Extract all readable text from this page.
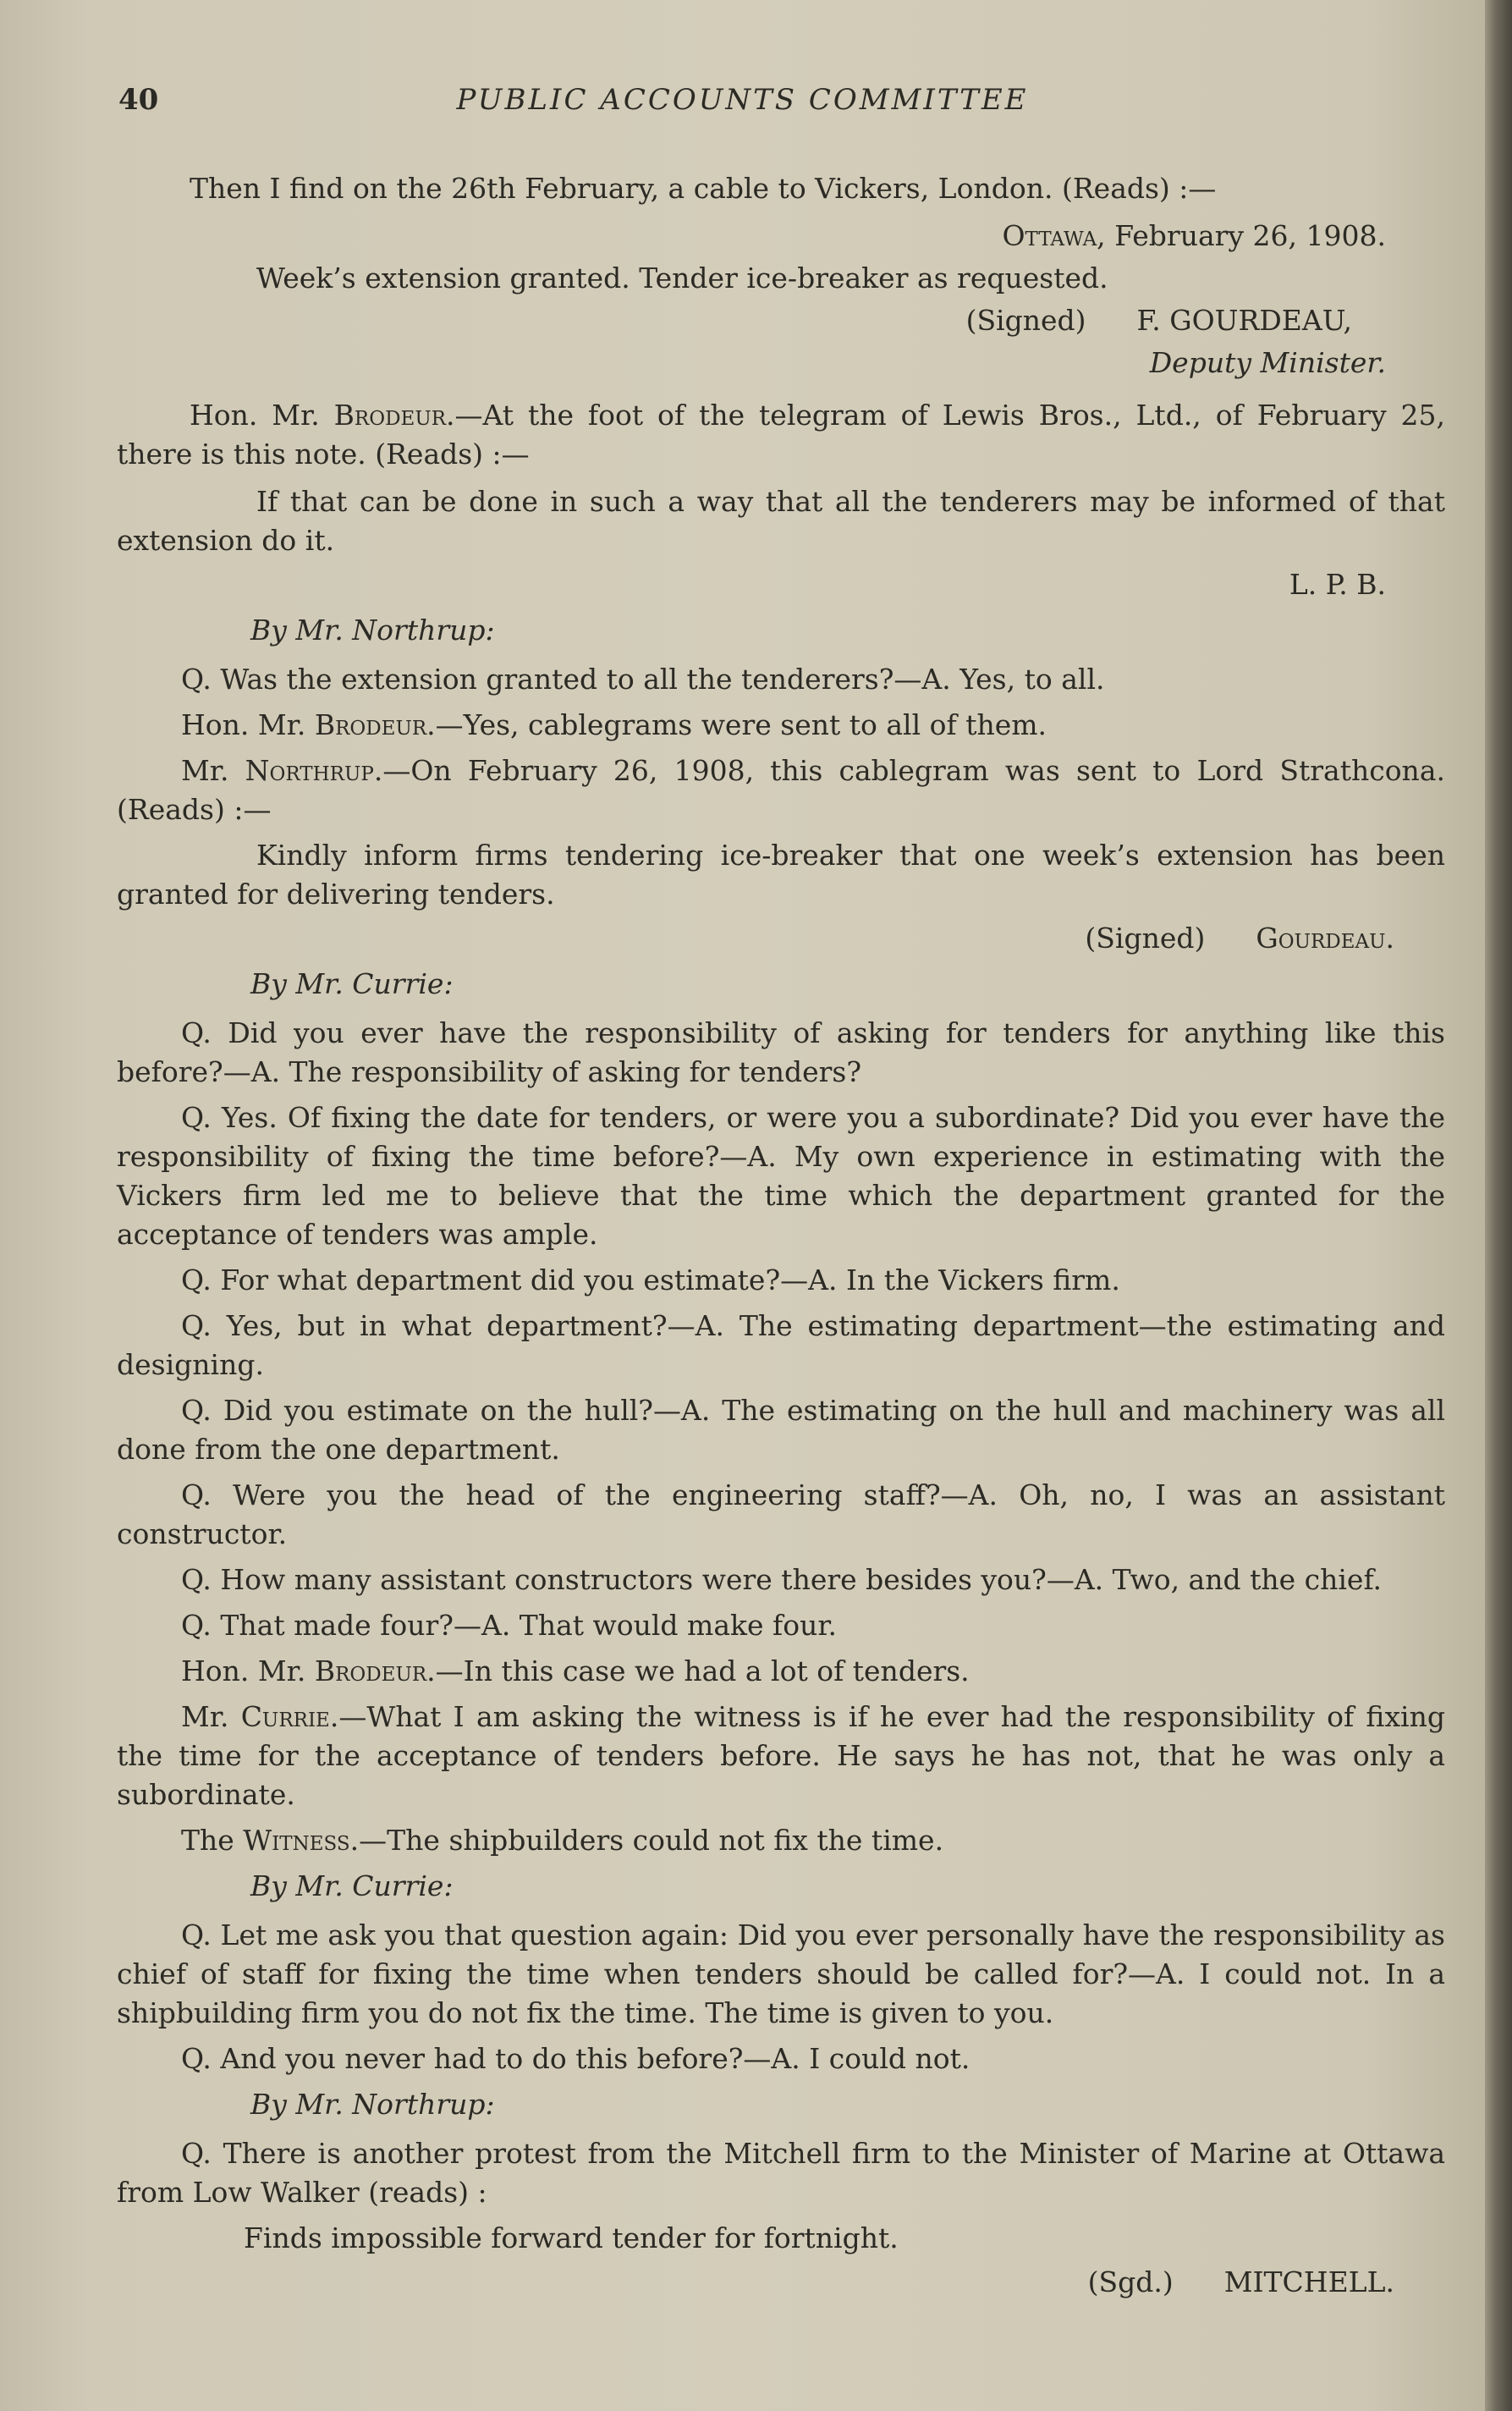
40	PUBLIC ACCOUNTS COMMITTEE

Then I find on the 26th February, a cable to Vickers, London. (Reads) :—

Ottawa, February 26, 1908.

Week’s extension granted. Tender ice-breaker as requested.

(Signed) F. GOURDEAU,

Deputy Minister.

Hon. Mr. Brodeur.—At the foot of the telegram of Lewis Bros., Ltd., of February 25, there is this note. (Reads) :—

If that can be done in such a way that all the tenderers may be informed of that extension do it.

L. P. B.

By Mr. Northrup:

Q. Was the extension granted to all the tenderers?—A. Yes, to all.

Hon. Mr. Brodeur.—Yes, cablegrams were sent to all of them.

Mr. Northrup.—On February 26, 1908, this cablegram was sent to Lord Strathcona. (Reads) :—

Kindly inform firms tendering ice-breaker that one week’s extension has been granted for delivering tenders.

(Signed) Gourdeau.

By Mr. Currie:

Q. Did you ever have the responsibility of asking for tenders for anything like this before?—A. The responsibility of asking for tenders?

Q. Yes. Of fixing the date for tenders, or were you a subordinate? Did you ever have the responsibility of fixing the time before?—A. My own experience in estimating with the Vickers firm led me to believe that the time which the department granted for the acceptance of tenders was ample.

Q. For what department did you estimate?—A. In the Vickers firm.

Q. Yes, but in what department?—A. The estimating department—the estimating and designing.

Q. Did you estimate on the hull?—A. The estimating on the hull and machinery was all done from the one department.

Q. Were you the head of the engineering staff?—A. Oh, no, I was an assistant constructor.

Q. How many assistant constructors were there besides you?—A. Two, and the chief.

Q. That made four?—A. That would make four.

Hon. Mr. Brodeur.—In this case we had a lot of tenders.

Mr. Currie.—What I am asking the witness is if he ever had the responsibility of fixing the time for the acceptance of tenders before. He says he has not, that he was only a subordinate.

The Witness.—The shipbuilders could not fix the time.

By Mr. Currie:

Q. Let me ask you that question again: Did you ever personally have the responsibility as chief of staff for fixing the time when tenders should be called for?—A. I could not. In a shipbuilding firm you do not fix the time. The time is given to you.

Q. And you never had to do this before?—A. I could not.

By Mr. Northrup:

Q. There is another protest from the Mitchell firm to the Minister of Marine at Ottawa from Low Walker (reads) :

Finds impossible forward tender for fortnight.

(Sgd.) MITCHELL.
